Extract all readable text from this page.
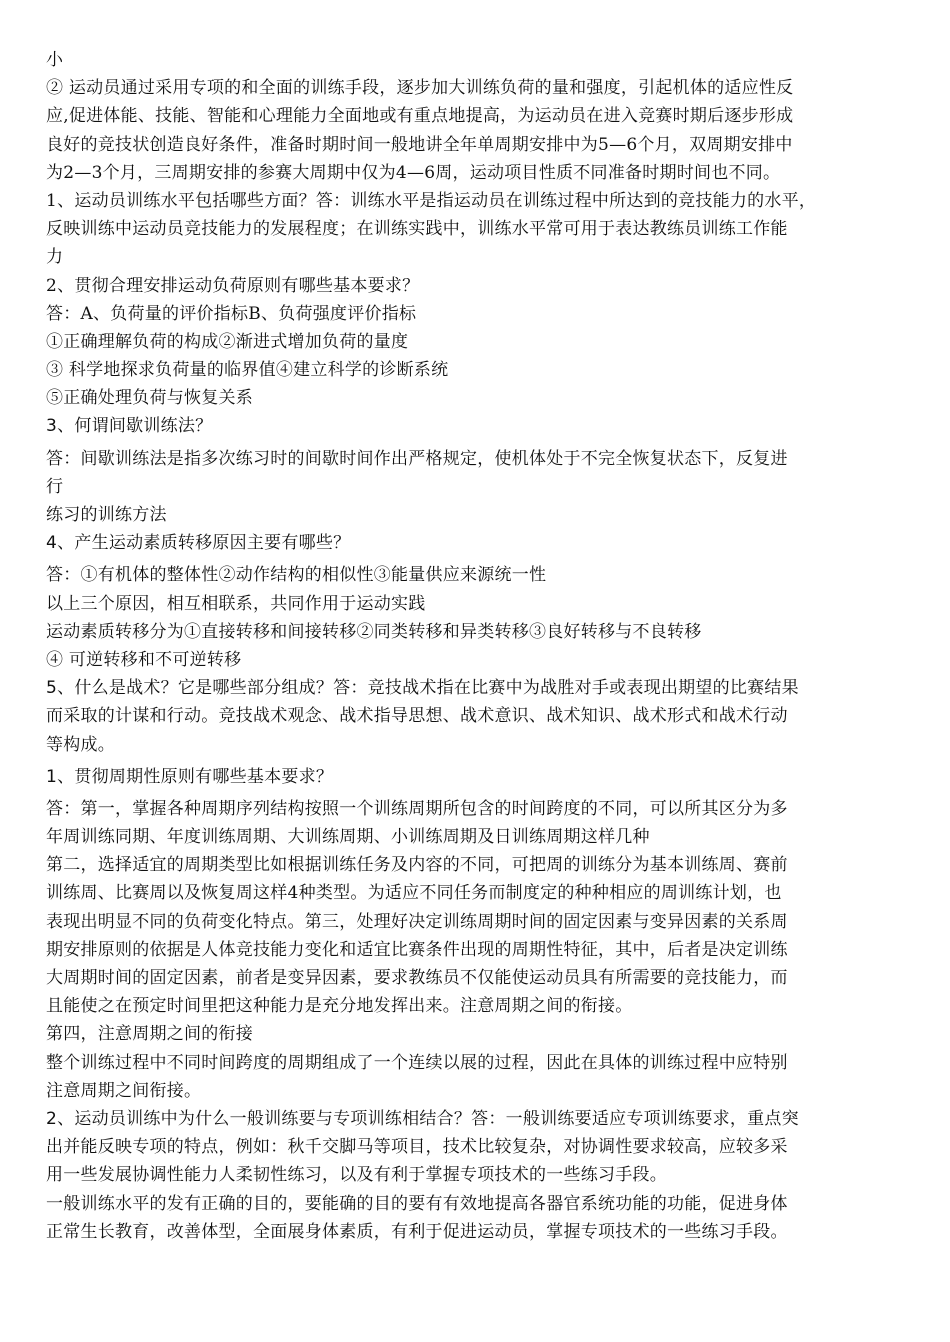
小
② 运动员通过采用专项的和全面的训练手段，逐步加大训练负荷的量和强度，引起机体的适应性反
应,促进体能、技能、智能和心理能力全面地或有重点地提高，为运动员在进入竞赛时期后逐步形成
良好的竞技状创造良好条件，准备时期时间一般地讲全年单周期安排中为5—6个月，双周期安排中
为2—3个月，三周期安排的参赛大周期中仅为4—6周，运动项目性质不同准备时期时间也不同。
1、运动员训练水平包括哪些方面？答：训练水平是指运动员在训练过程中所达到的竞技能力的水平，
反映训练中运动员竞技能力的发展程度；在训练实践中，训练水平常可用于表达教练员训练工作能
力
2、贯彻合理安排运动负荷原则有哪些基本要求？
答：A、负荷量的评价指标B、负荷强度评价指标
①正确理解负荷的构成②渐进式增加负荷的量度
③ 科学地探求负荷量的临界值④建立科学的诊断系统
⑤正确处理负荷与恢复关系
3、何谓间歇训练法？
答：间歇训练法是指多次练习时的间歇时间作出严格规定，使机体处于不完全恢复状态下，反复进
行
练习的训练方法
4、产生运动素质转移原因主要有哪些？
答：①有机体的整体性②动作结构的相似性③能量供应来源统一性
以上三个原因，相互相联系，共同作用于运动实践
运动素质转移分为①直接转移和间接转移②同类转移和异类转移③良好转移与不良转移
④ 可逆转移和不可逆转移
5、什么是战术？它是哪些部分组成？答：竞技战术指在比赛中为战胜对手或表现出期望的比赛结果
而采取的计谋和行动。竞技战术观念、战术指导思想、战术意识、战术知识、战术形式和战术行动
等构成。
1、贯彻周期性原则有哪些基本要求？
答：第一，掌握各种周期序列结构按照一个训练周期所包含的时间跨度的不同，可以所其区分为多
年周训练同期、年度训练周期、大训练周期、小训练周期及日训练周期这样几种
第二，选择适宜的周期类型比如根据训练任务及内容的不同，可把周的训练分为基本训练周、赛前
训练周、比赛周以及恢复周这样4种类型。为适应不同任务而制度定的种种相应的周训练计划，也
表现出明显不同的负荷变化特点。第三，处理好决定训练周期时间的固定因素与变异因素的关系周
期安排原则的依据是人体竞技能力变化和适宜比赛条件出现的周期性特征，其中，后者是决定训练
大周期时间的固定因素，前者是变异因素，要求教练员不仅能使运动员具有所需要的竞技能力，而
且能使之在预定时间里把这种能力是充分地发挥出来。注意周期之间的衔接。
第四，注意周期之间的衔接
整个训练过程中不同时间跨度的周期组成了一个连续以展的过程，因此在具体的训练过程中应特别
注意周期之间衔接。
2、运动员训练中为什么一般训练要与专项训练相结合？答：一般训练要适应专项训练要求，重点突
出并能反映专项的特点，例如：秋千交脚马等项目，技术比较复杂，对协调性要求较高，应较多采
用一些发展协调性能力人柔韧性练习，以及有利于掌握专项技术的一些练习手段。
一般训练水平的发有正确的目的，要能确的目的要有有效地提高各器官系统功能的功能，促进身体
正常生长教育，改善体型，全面展身体素质，有利于促进运动员，掌握专项技术的一些练习手段。
